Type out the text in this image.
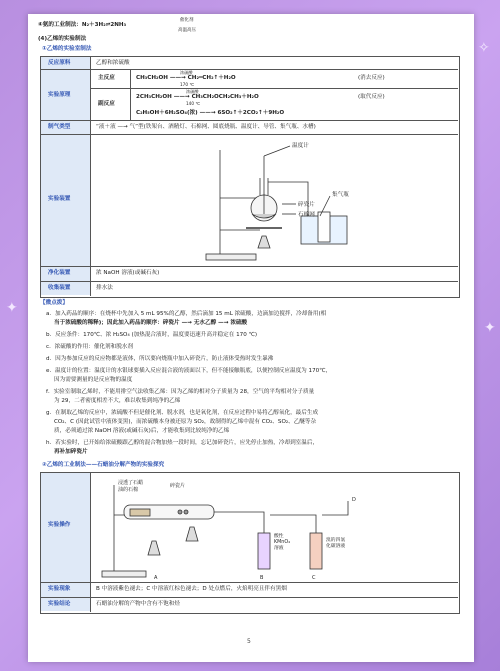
✦
✦
✧
④氨的工业制法：N₂＋3H₂⇌2NH₃
催化剂
高温高压
(4)乙烯的实验制法
①乙烯的实验室制法
反应原料	乙醇和浓硫酸
实验原理
主反应	CH₃CH₂OH ——→ CH₂═CH₂↑＋H₂O
浓硫酸
170 ℃
(消去反应)
副反应
2CH₃CH₂OH ——→ CH₃CH₂OCH₂CH₃＋H₂O
浓硫酸
140 ℃
(取代反应)
C₂H₅OH＋6H₂SO₄(浓) ——→ 6SO₂↑＋2CO₂↑＋9H₂O
制气类型	“液＋液 —→ 气”型(铁架台、酒精灯、石棉网、圆底烧瓶、温度计、导管、集气瓶、水槽)
实验装置
温度计
碎瓷片
石棉网
集气瓶
净化装置	浓 NaOH 溶液(或碱石灰)
收集装置	排水法
【微点拨】
a．加入药品的顺序：在烧杯中先加入 5 mL 95%的乙醇，然后滴加 15 mL 浓硫酸，边滴加边搅拌，冷却备用(相
当于浓硫酸的稀释)；因此加入药品的顺序：碎瓷片 —→ 无水乙醇 —→ 浓硫酸
b．反应条件：170℃、浓 H₂SO₄ (加热混合液时，温度要迅速升高并稳定在 170 ℃)
c．浓硫酸的作用：催化剂和脱水剂
d．因为参加反应的反应物都是液体，所以要向烧瓶中加入碎瓷片，防止液体受热时发生暴沸
e．温度计的位置：温度计的水银球要插入反应混合液的液面以下，但不能接触瓶底，以便控制反应温度为 170℃，
因为需要测量的是反应物的温度
f．实验室制取乙烯时，不能用排空气法收集乙烯：因为乙烯的相对分子质量为 28，空气的平均相对分子质量
为 29，二者密度相差不大，难以收集到纯净的乙烯
g．在制取乙烯的反应中，浓硫酸不但是催化剂、脱水剂，也是氧化剂，在反应过程中易将乙醇氧化，最后生成
CO₂、C (因此试管中液体变黑)，而浓硫酸本身被还原为 SO₂，故制得的乙烯中混有 CO₂、SO₂、乙醚等杂
质，必须通过浓 NaOH 溶液(或碱石灰)后，才能收集到比较纯净的乙烯
h．若实验时，已开始给浓硫酸跟乙醇的混合物加热一段时间，忘记加碎瓷片，应先停止加热，冷却到室温后，
再补加碎瓷片
②乙烯的工业制法——石蜡油分解产物的实验探究
实验操作
浸透了石蜡
油的石棉
碎瓷片
酸性
KMnO₄
溶液
溴的四氯
化碳溶液
A	B	C
D
实验现象	B 中溶液紫色褪去；C 中溶液红棕色褪去；D 处点燃后，火焰明亮且伴有黑烟
实验结论	石蜡油分解的产物中含有不饱和烃
5
